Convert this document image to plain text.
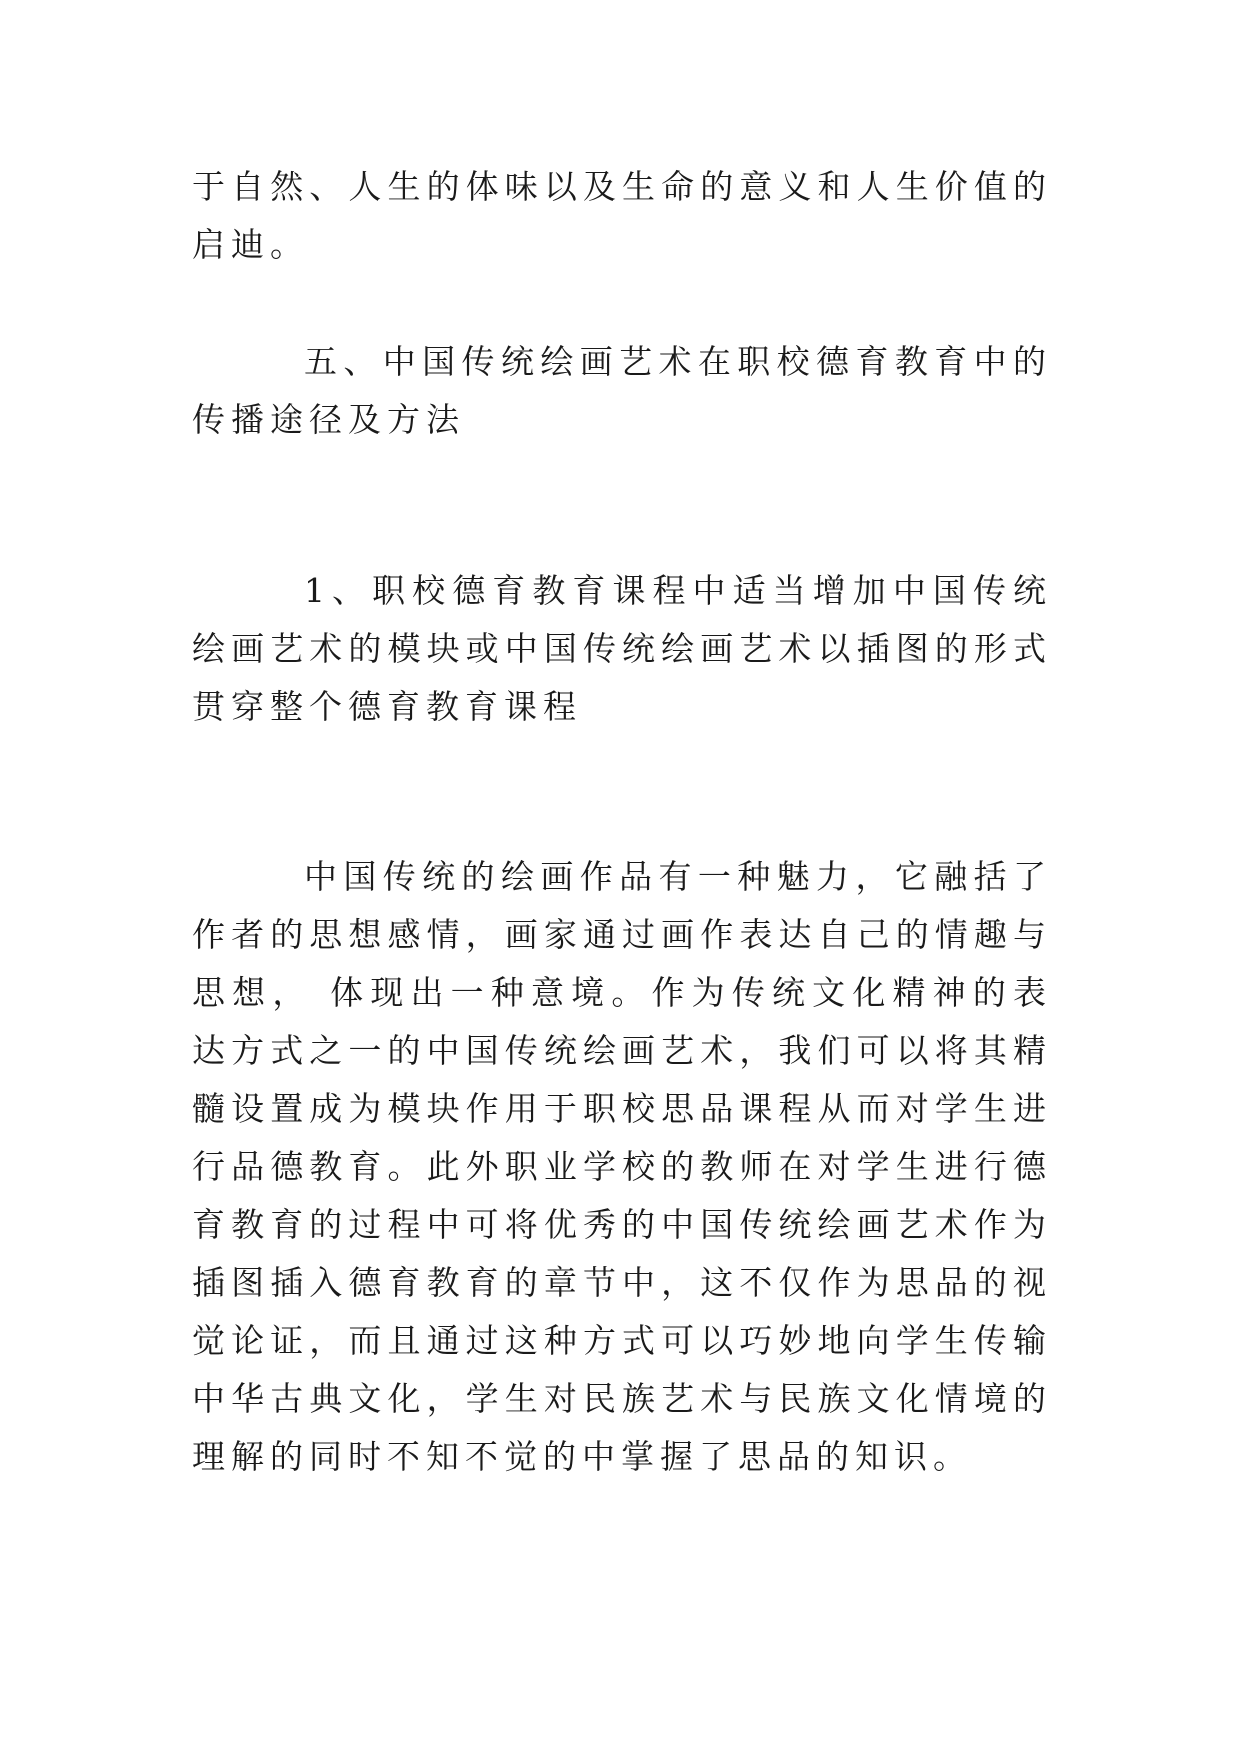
于自然、人生的体味以及生命的意义和人生价值的启迪。

五、中国传统绘画艺术在职校德育教育中的传播途径及方法

1、职校德育教育课程中适当增加中国传统绘画艺术的模块或中国传统绘画艺术以插图的形式贯穿整个德育教育课程

中国传统的绘画作品有一种魅力，它融括了作者的思想感情，画家通过画作表达自己的情趣与思想， 体现出一种意境。作为传统文化精神的表达方式之一的中国传统绘画艺术，我们可以将其精髓设置成为模块作用于职校思品课程从而对学生进行品德教育。此外职业学校的教师在对学生进行德育教育的过程中可将优秀的中国传统绘画艺术作为插图插入德育教育的章节中，这不仅作为思品的视觉论证，而且通过这种方式可以巧妙地向学生传输中华古典文化，学生对民族艺术与民族文化情境的理解的同时不知不觉的中掌握了思品的知识。
